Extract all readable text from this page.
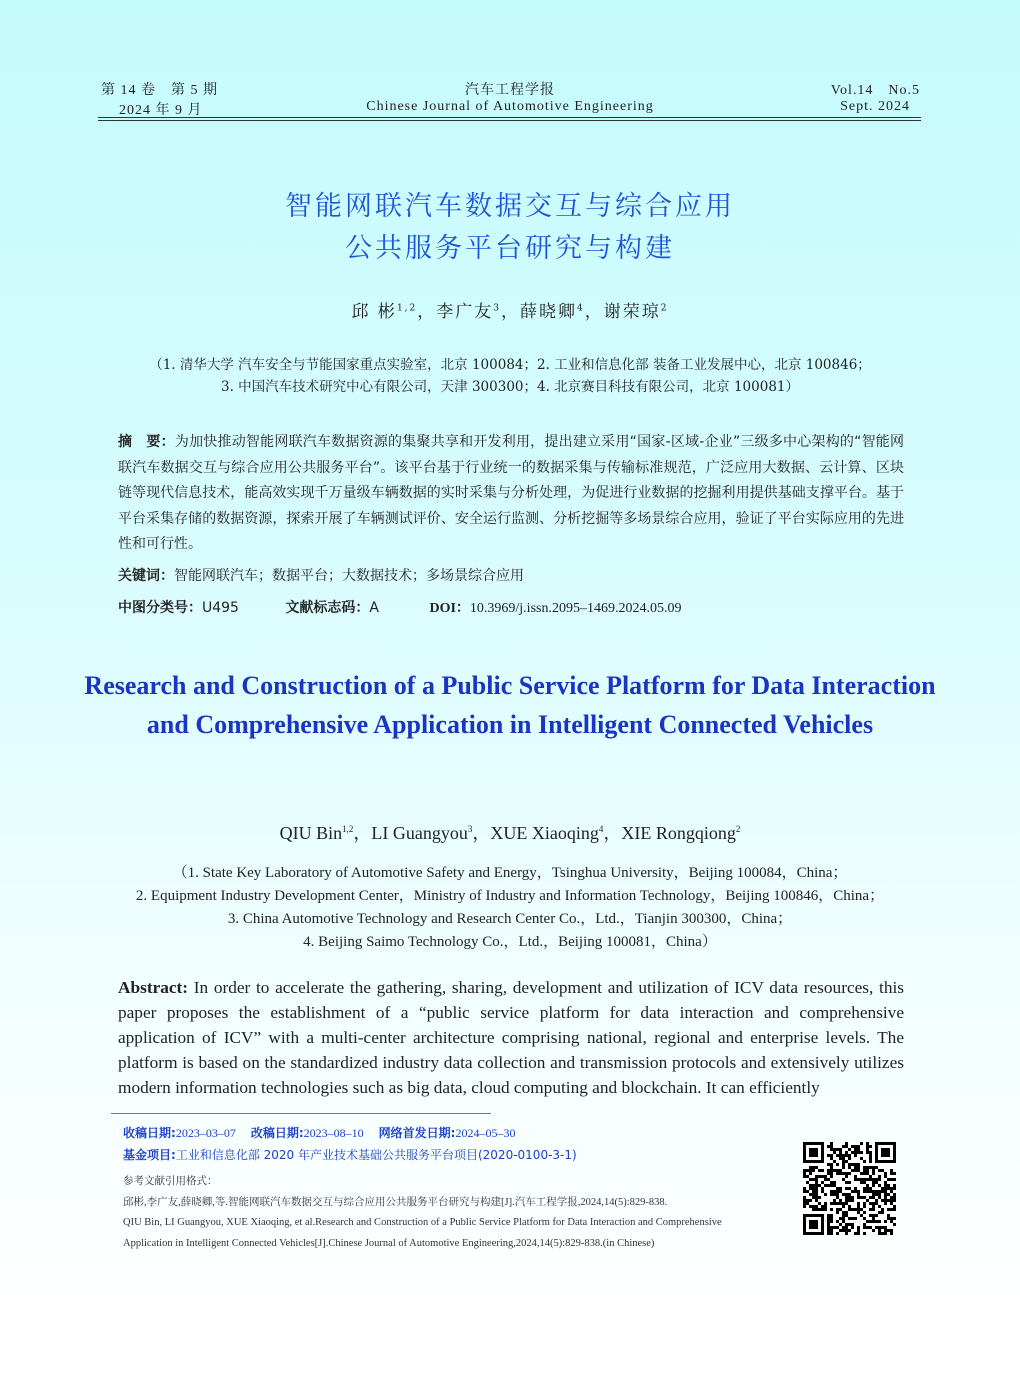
第 14 卷　第 5 期
2024 年 9 月
汽车工程学报
Chinese Journal of Automotive Engineering
Vol.14　No.5
Sept. 2024
智能网联汽车数据交互与综合应用
公共服务平台研究与构建
邱 彬$^{1,2}$，李广友$^3$，薛晓卿$^4$，谢荣琼$^2$
（1. 清华大学 汽车安全与节能国家重点实验室，北京 100084；2. 工业和信息化部 装备工业发展中心，北京 100846；
3. 中国汽车技术研究中心有限公司，天津 300300；4. 北京赛目科技有限公司，北京 100081）
摘　要：为加快推动智能网联汽车数据资源的集聚共享和开发利用，提出建立采用“国家-区域-企业”三级多中心架构的“智能网联汽车数据交互与综合应用公共服务平台”。该平台基于行业统一的数据采集与传输标准规范，广泛应用大数据、云计算、区块链等现代信息技术，能高效实现千万量级车辆数据的实时采集与分析处理，为促进行业数据的挖掘利用提供基础支撑平台。基于平台采集存储的数据资源，探索开展了车辆测试评价、安全运行监测、分析挖掘等多场景综合应用，验证了平台实际应用的先进性和可行性。
关键词：智能网联汽车；数据平台；大数据技术；多场景综合应用
中图分类号：U495	文献标志码：A	DOI：10.3969/j.issn.2095–1469.2024.05.09
Research and Construction of a Public Service Platform for Data Interaction and Comprehensive Application in Intelligent Connected Vehicles
QIU Bin$^{1,2}$，LI Guangyou$^3$，XUE Xiaoqing$^4$，XIE Rongqiong$^2$
（1. State Key Laboratory of Automotive Safety and Energy，Tsinghua University，Beijing 100084，China；
2. Equipment Industry Development Center，Ministry of Industry and Information Technology，Beijing 100846，China；
3. China Automotive Technology and Research Center Co.，Ltd.，Tianjin 300300，China；
4. Beijing Saimo Technology Co.，Ltd.，Beijing 100081，China）
Abstract: In order to accelerate the gathering, sharing, development and utilization of ICV data resources, this paper proposes the establishment of a “public service platform for data interaction and comprehensive application of ICV” with a multi-center architecture comprising national, regional and enterprise levels. The platform is based on the standardized industry data collection and transmission protocols and extensively utilizes modern information technologies such as big data, cloud computing and blockchain. It can efficiently
收稿日期:2023–03–07 改稿日期:2023–08–10 网络首发日期:2024–05–30
基金项目:工业和信息化部 2020 年产业技术基础公共服务平台项目(2020-0100-3-1)
参考文献引用格式：
邱彬,李广友,薛晓卿,等.智能网联汽车数据交互与综合应用公共服务平台研究与构建[J].汽车工程学报,2024,14(5):829-838.
QIU Bin, LI Guangyou, XUE Xiaoqing, et al.Research and Construction of a Public Service Platform for Data Interaction and Comprehensive Application in Intelligent Connected Vehicles[J].Chinese Journal of Automotive Engineering,2024,14(5):829-838.(in Chinese)
